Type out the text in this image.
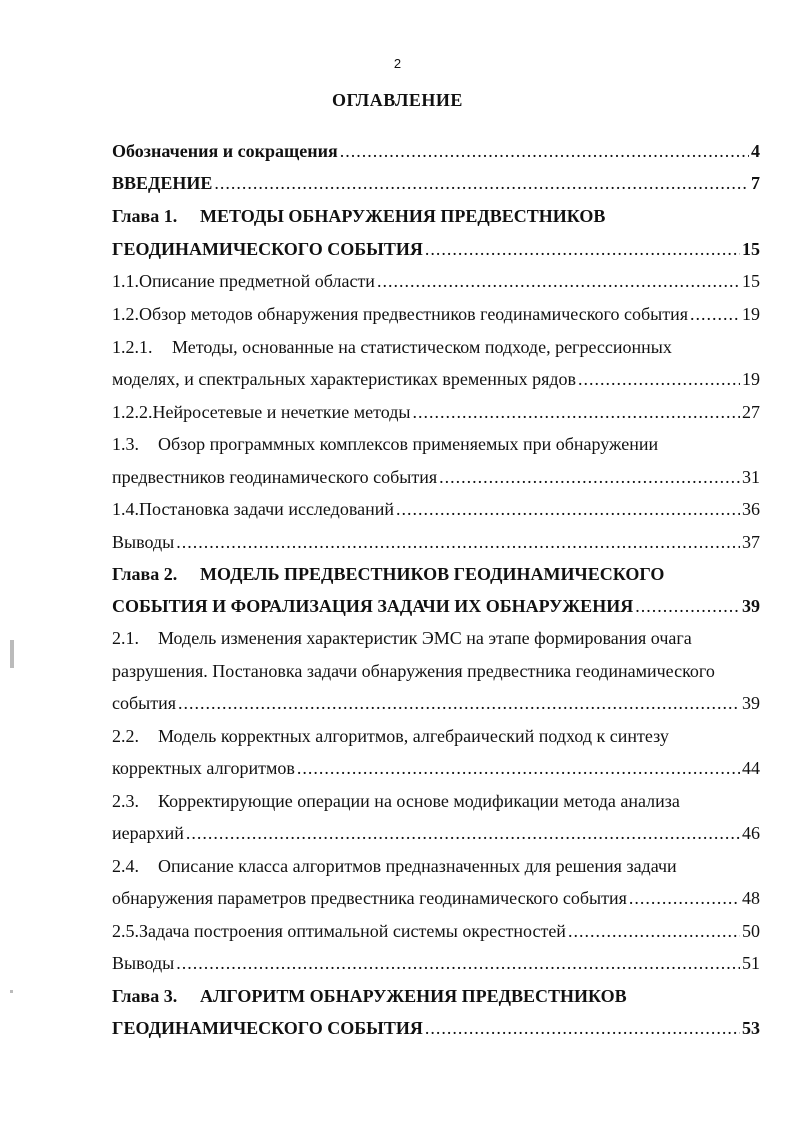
2
ОГЛАВЛЕНИЕ
Обозначения и сокращения .....	4
ВВЕДЕНИЕ .....	7
Глава 1.	МЕТОДЫ ОБНАРУЖЕНИЯ ПРЕДВЕСТНИКОВ
ГЕОДИНАМИЧЕСКОГО СОБЫТИЯ .....	15
1.1. Описание предметной области .....	15
1.2. Обзор методов обнаружения предвестников геодинамического события .....	19
1.2.1.	Методы, основанные на статистическом подходе, регрессионных
моделях, и спектральных характеристиках временных рядов .....	19
1.2.2. Нейросетевые и нечеткие методы .....	27
1.3.	Обзор программных комплексов применяемых при обнаружении
предвестников геодинамического события .....	31
1.4. Постановка задачи исследований .....	36
Выводы .....	37
Глава 2.	МОДЕЛЬ ПРЕДВЕСТНИКОВ ГЕОДИНАМИЧЕСКОГО
СОБЫТИЯ И ФОРАЛИЗАЦИЯ ЗАДАЧИ ИХ ОБНАРУЖЕНИЯ .....	39
2.1.	Модель изменения характеристик ЭМС на этапе формирования очага
разрушения. Постановка задачи обнаружения предвестника геодинамического
события .....	39
2.2.	Модель корректных алгоритмов, алгебраический подход к синтезу
корректных алгоритмов .....	44
2.3.	Корректирующие операции на основе модификации метода анализа
иерархий .....	46
2.4.	Описание класса алгоритмов предназначенных для решения задачи
обнаружения параметров предвестника геодинамического события .....	48
2.5. Задача построения оптимальной системы окрестностей .....	50
Выводы .....	51
Глава 3.	АЛГОРИТМ ОБНАРУЖЕНИЯ ПРЕДВЕСТНИКОВ
ГЕОДИНАМИЧЕСКОГО СОБЫТИЯ .....	53
